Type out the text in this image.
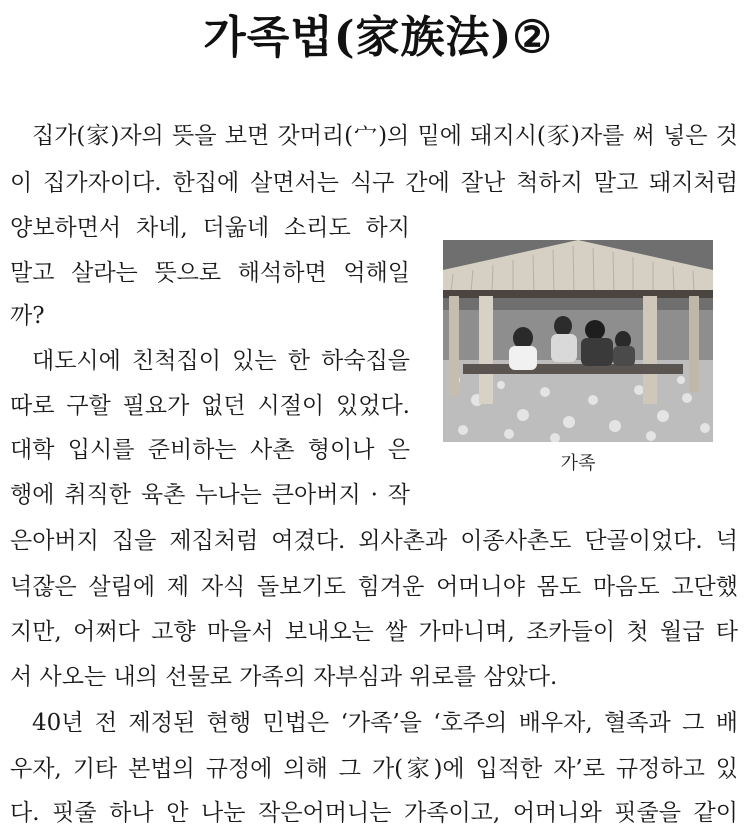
가족법(家族法)②
집가(家)자의 뜻을 보면 갓머리(宀)의 밑에 돼지시(豕)자를 써 넣은 것
이 집가자이다. 한집에 살면서는 식구 간에 잘난 척하지 말고 돼지처럼
양보하면서 차네, 더욺네 소리도 하지
말고 살라는 뜻으로 해석하면 억해일
까?
대도시에 친척집이 있는 한 하숙집을
따로 구할 필요가 없던 시절이 있었다.
대학 입시를 준비하는 사촌 형이나 은
행에 취직한 육촌 누나는 큰아버지 · 작
은아버지 집을 제집처럼 여겼다. 외사촌과 이종사촌도 단골이었다. 넉
넉잖은 살림에 제 자식 돌보기도 힘겨운 어머니야 몸도 마음도 고단했
지만, 어쩌다 고향 마을서 보내오는 쌀 가마니며, 조카들이 첫 월급 타
서 사오는 내의 선물로 가족의 자부심과 위로를 삼았다.
40년 전 제정된 현행 민법은 ‘가족’을 ‘호주의 배우자, 혈족과 그 배
우자, 기타 본법의 규정에 의해 그 가(家)에 입적한 자’로 규정하고 있
다. 핏줄 하나 안 나눈 작은어머니는 가족이고, 어머니와 핏줄을 같이
가족
